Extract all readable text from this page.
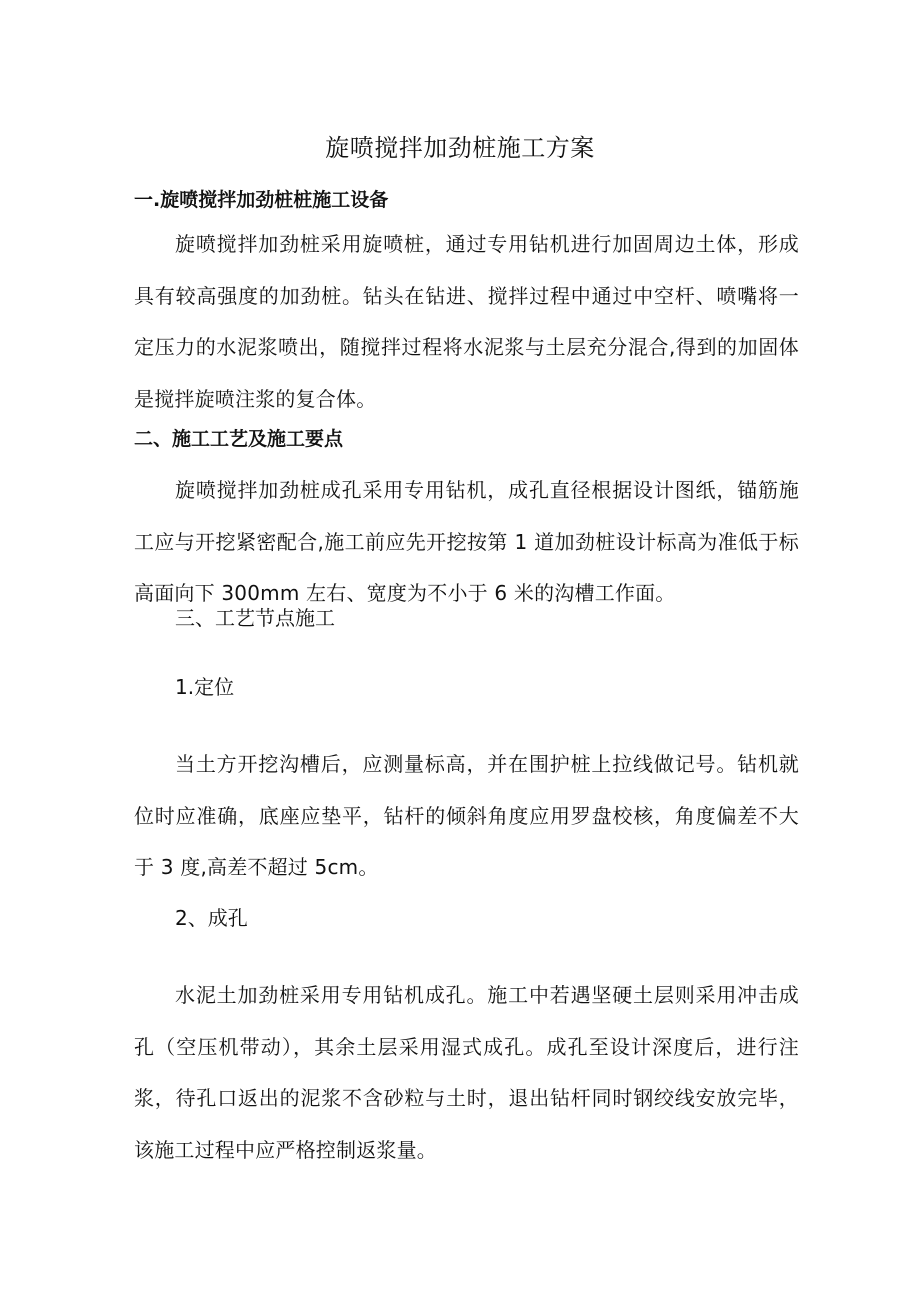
旋喷搅拌加劲桩施工方案
一.旋喷搅拌加劲桩桩施工设备
旋喷搅拌加劲桩采用旋喷桩，通过专用钻机进行加固周边土体，形成具有较高强度的加劲桩。钻头在钻进、搅拌过程中通过中空杆、喷嘴将一定压力的水泥浆喷出，随搅拌过程将水泥浆与土层充分混合,得到的加固体是搅拌旋喷注浆的复合体。
二、施工工艺及施工要点
旋喷搅拌加劲桩成孔采用专用钻机，成孔直径根据设计图纸，锚筋施工应与开挖紧密配合,施工前应先开挖按第 1 道加劲桩设计标高为准低于标高面向下 300mm 左右、宽度为不小于 6 米的沟槽工作面。
三、工艺节点施工
1.定位
当土方开挖沟槽后，应测量标高，并在围护桩上拉线做记号。钻机就位时应准确，底座应垫平，钻杆的倾斜角度应用罗盘校核，角度偏差不大于 3 度,高差不超过 5cm。
2、成孔
水泥土加劲桩采用专用钻机成孔。施工中若遇坚硬土层则采用冲击成孔（空压机带动），其余土层采用湿式成孔。成孔至设计深度后，进行注浆，待孔口返出的泥浆不含砂粒与土时，退出钻杆同时钢绞线安放完毕，该施工过程中应严格控制返浆量。
